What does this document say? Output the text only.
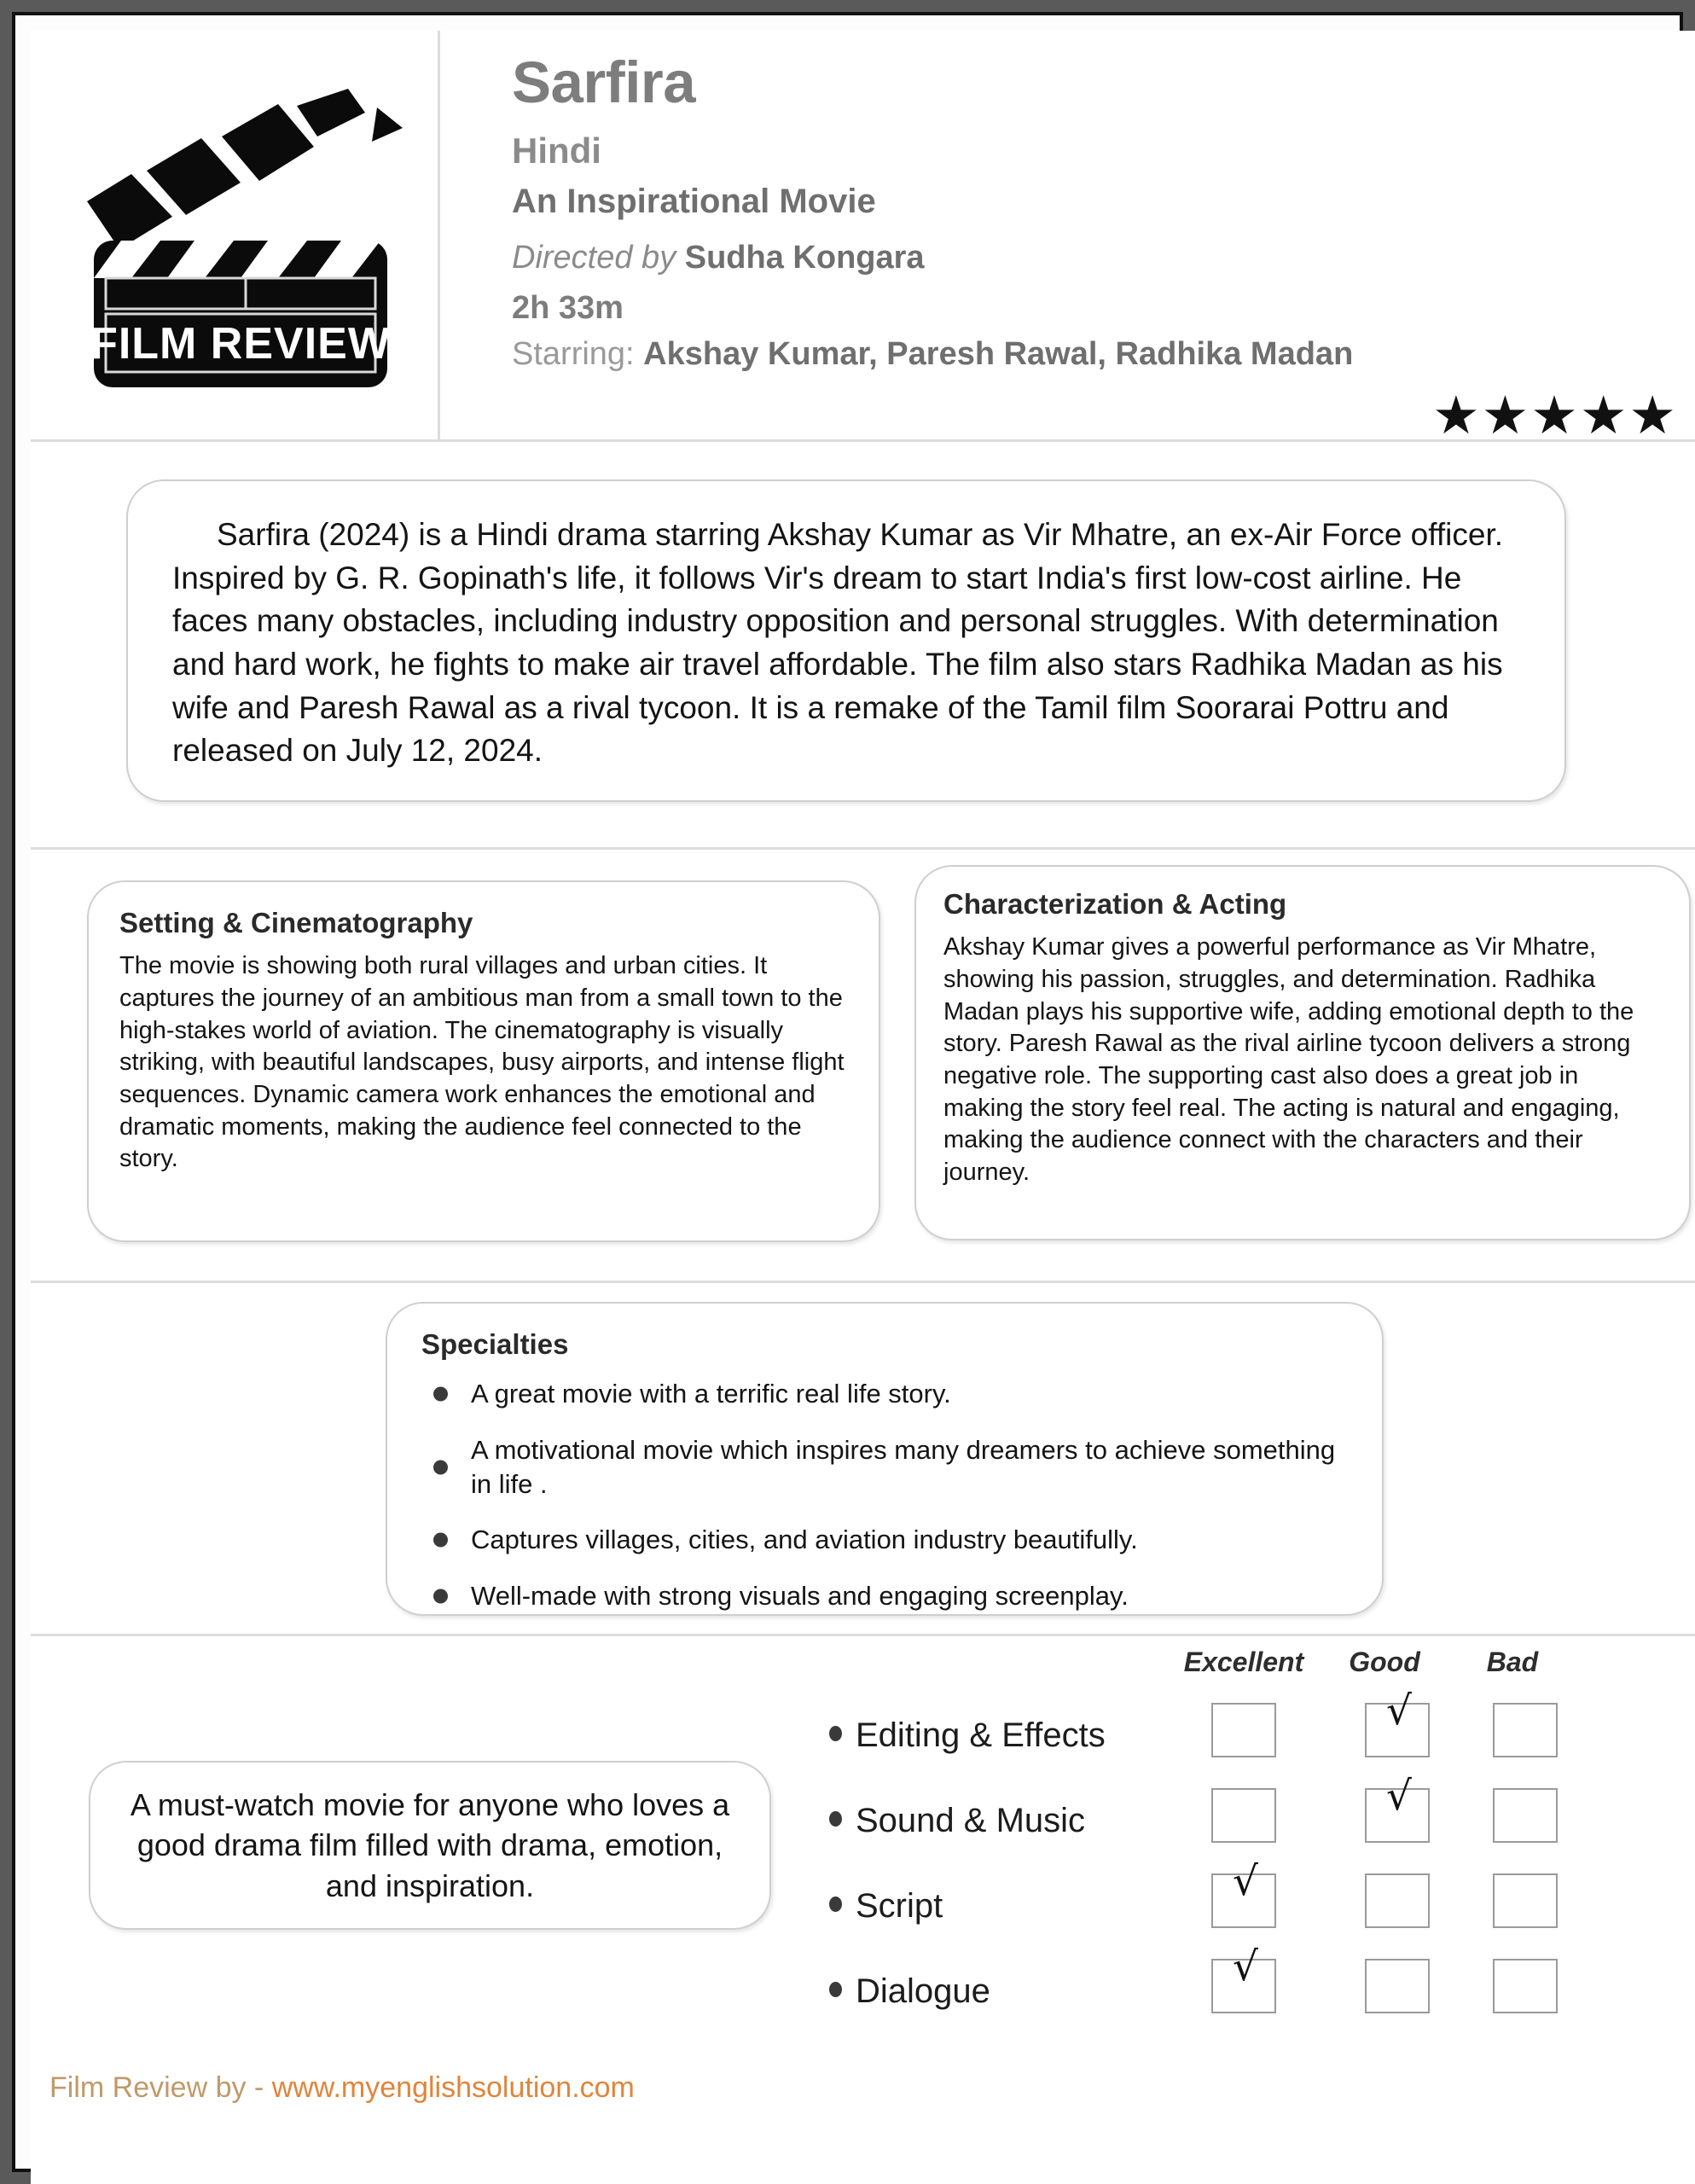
FILM REVIEW
Sarfira
Hindi
An Inspirational Movie
Directed by Sudha Kongara
2h 33m
Starring: Akshay Kumar, Paresh Rawal, Radhika Madan
★★★★★
Sarfira (2024) is a Hindi drama starring Akshay Kumar as Vir Mhatre, an ex-Air Force officer. Inspired by G. R. Gopinath's life, it follows Vir's dream to start India's first low-cost airline. He faces many obstacles, including industry opposition and personal struggles. With determination and hard work, he fights to make air travel affordable. The film also stars Radhika Madan as his wife and Paresh Rawal as a rival tycoon. It is a remake of the Tamil film Soorarai Pottru and released on July 12, 2024.
Setting & Cinematography
The movie is showing both rural villages and urban cities. It captures the journey of an ambitious man from a small town to the high-stakes world of aviation. The cinematography is visually striking, with beautiful landscapes, busy airports, and intense flight sequences. Dynamic camera work enhances the emotional and dramatic moments, making the audience feel connected to the story.
Characterization & Acting
Akshay Kumar gives a powerful performance as Vir Mhatre, showing his passion, struggles, and determination. Radhika Madan plays his supportive wife, adding emotional depth to the story. Paresh Rawal as the rival airline tycoon delivers a strong negative role. The supporting cast also does a great job in making the story feel real. The acting is natural and engaging, making the audience connect with the characters and their journey.
Specialties
A great movie with a terrific real life story.
A motivational movie which inspires many dreamers to achieve something in life .
Captures villages, cities, and aviation industry beautifully.
Well-made with strong visuals and engaging screenplay.
A must-watch movie for anyone who loves a good drama film filled with drama, emotion, and inspiration.
Excellent	Good	Bad
Editing & Effects
√
Sound & Music
√
Script
√
Dialogue
√
Film Review by - www.myenglishsolution.com
